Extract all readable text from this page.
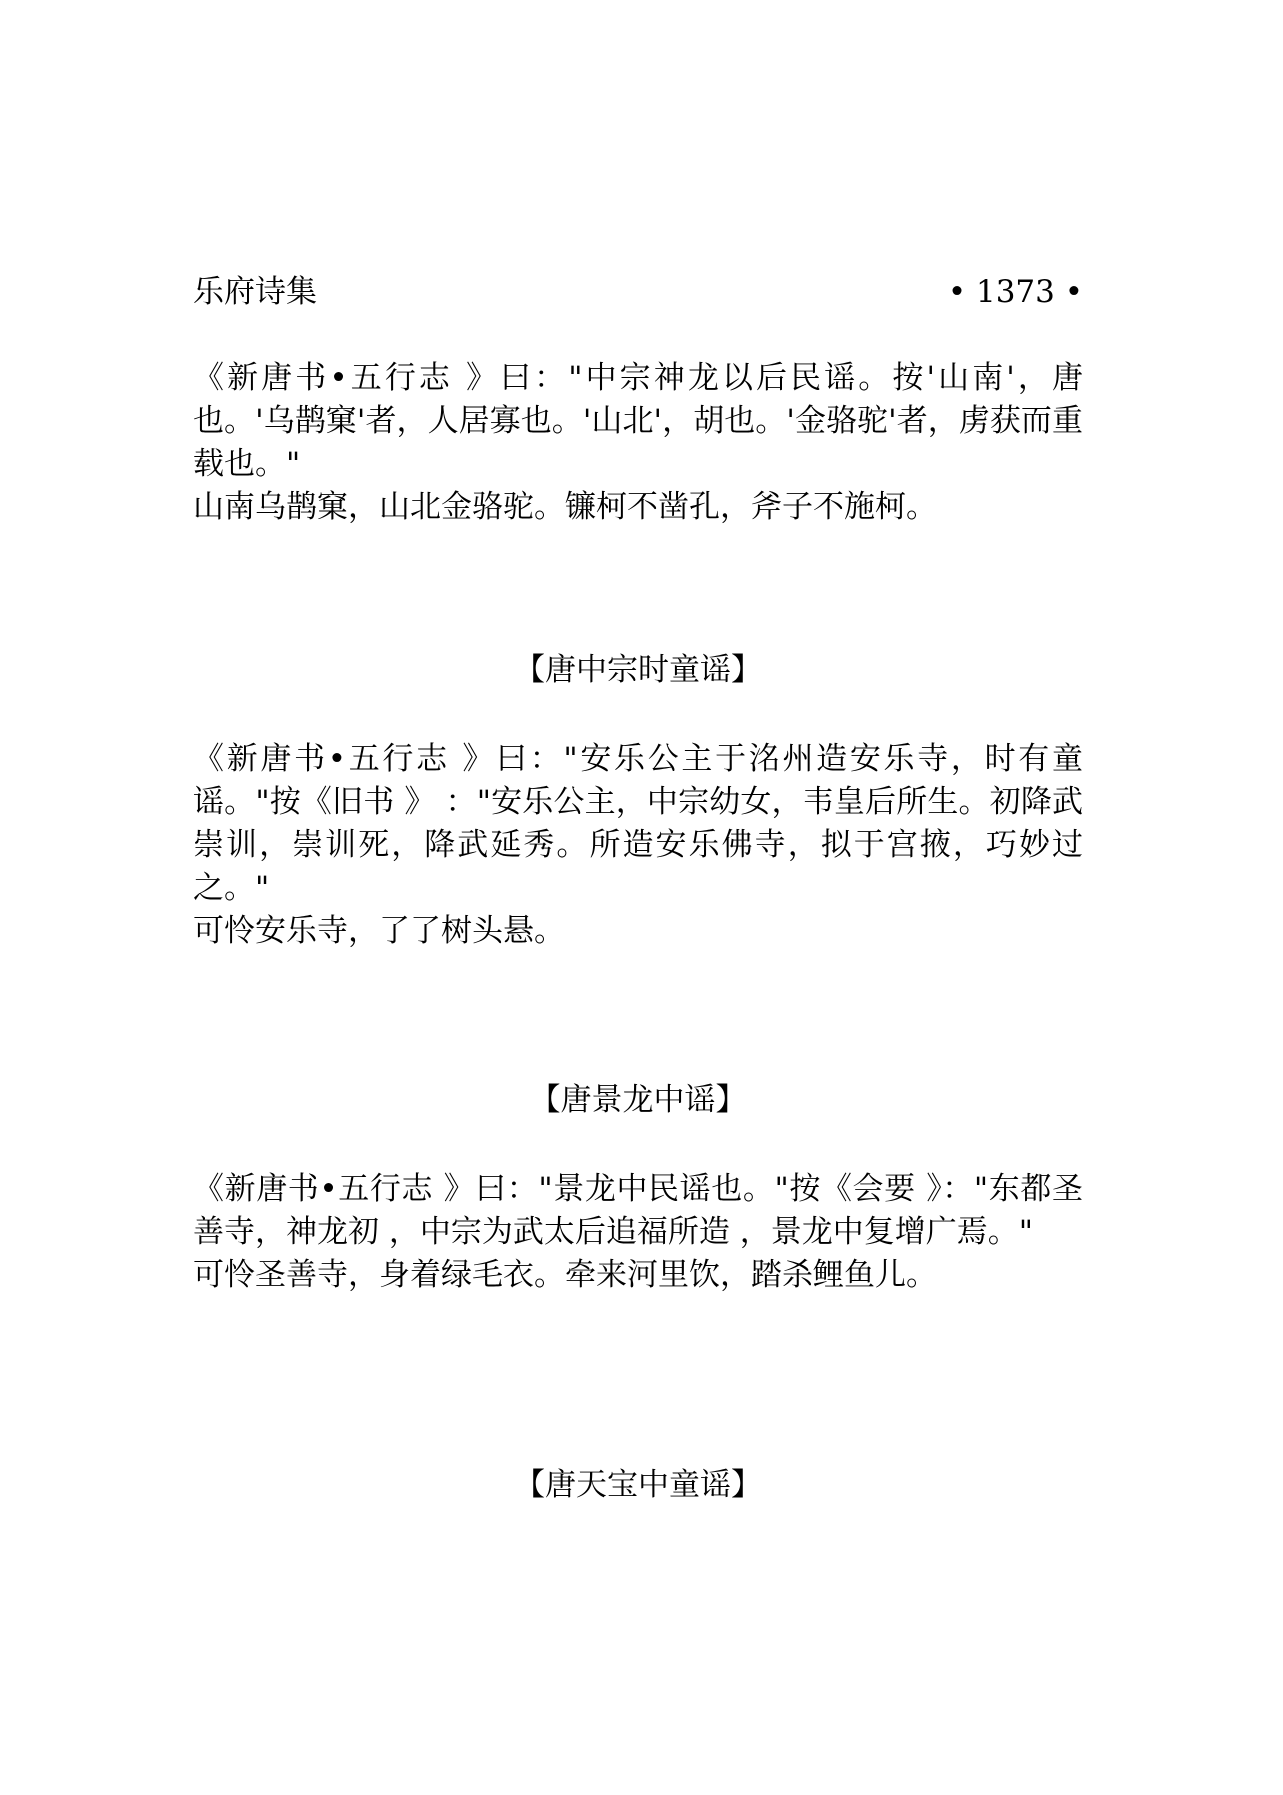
乐府诗集	• 1373 •

《新唐书•五行志 》曰："中宗神龙以后民谣。按'山南'，唐也。'乌鹊窠'者，人居寡也。'山北'，胡也。'金骆驼'者，虏获而重载也。"

山南乌鹊窠，山北金骆驼。镰柯不凿孔，斧子不施柯。

【唐中宗时童谣】

《新唐书•五行志 》曰："安乐公主于洺州造安乐寺，时有童谣。"按《旧书 》 ："安乐公主，中宗幼女，韦皇后所生。初降武崇训，崇训死，降武延秀。所造安乐佛寺，拟于宫掖，巧妙过之。"

可怜安乐寺，了了树头悬。

【唐景龙中谣】

《新唐书•五行志 》曰："景龙中民谣也。"按《会要 》："东都圣善寺，神龙初 ，中宗为武太后追福所造 ，景龙中复增广焉。"

可怜圣善寺，身着绿毛衣。牵来河里饮，踏杀鲤鱼儿。

【唐天宝中童谣】
